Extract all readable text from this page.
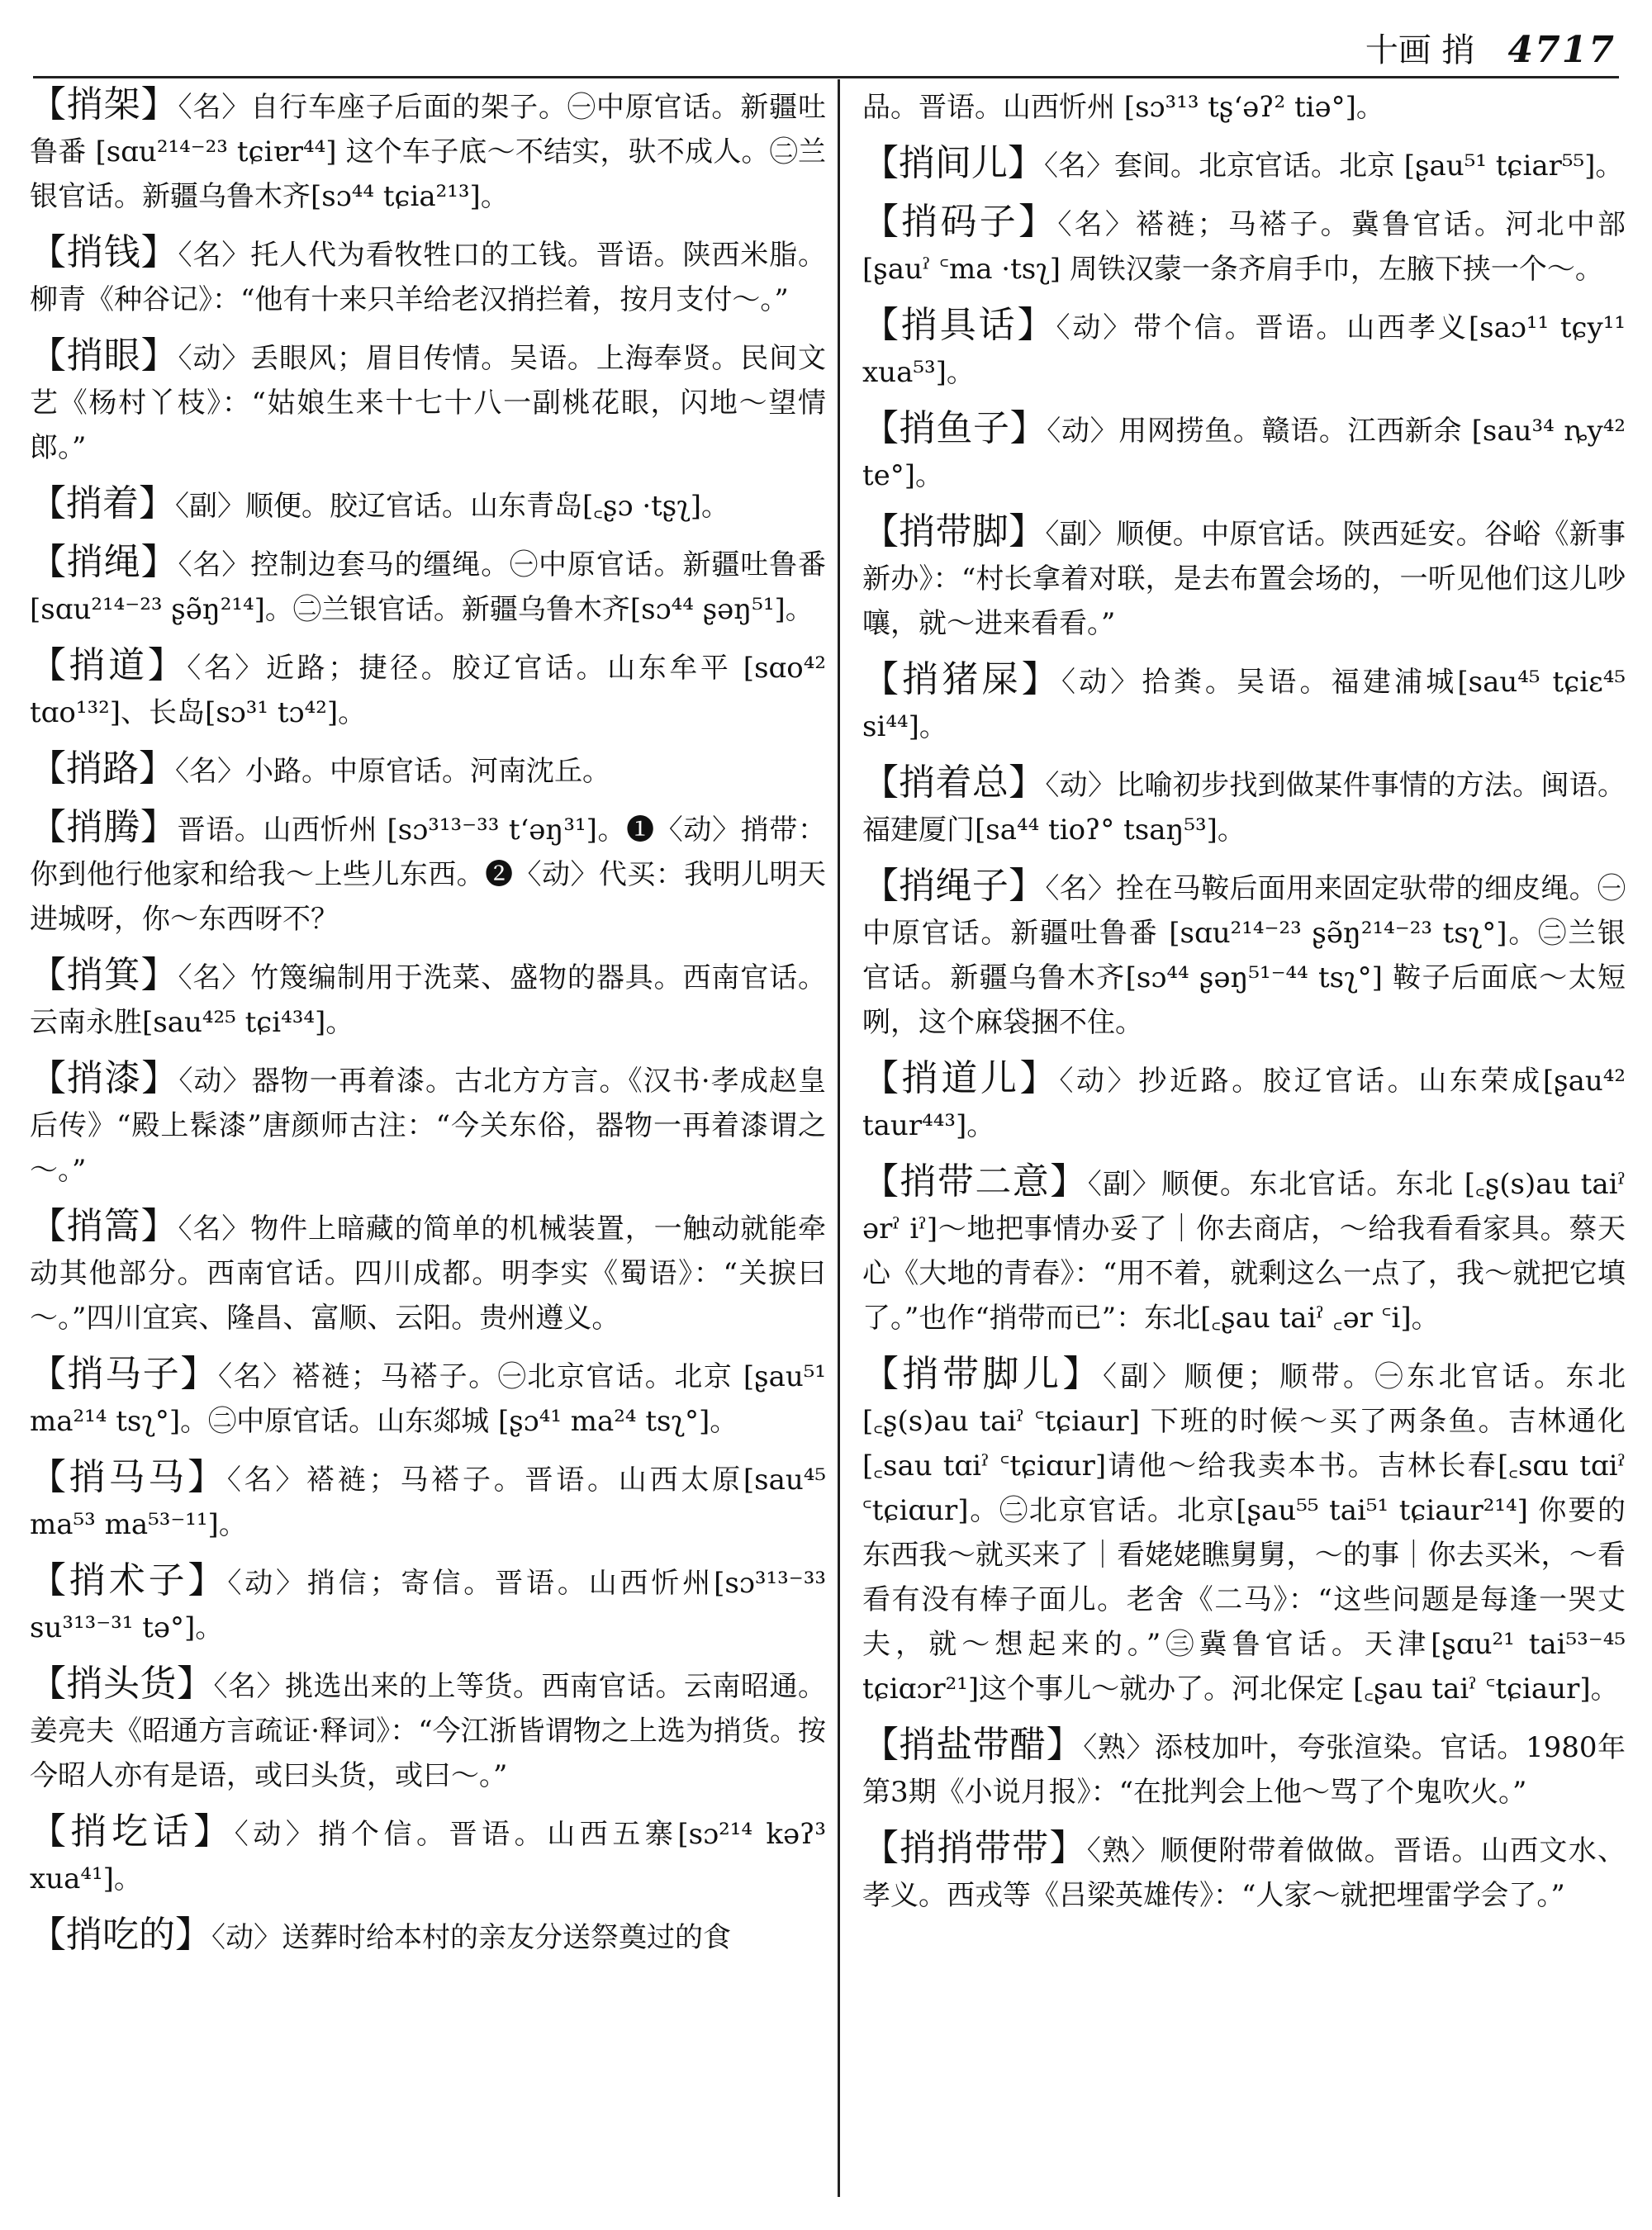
十画 捎 4717

【捎架】〈名〉自行车座子后面的架子。㊀中原官话。新疆吐鲁番 [sɑu²¹⁴⁻²³ tɕiɐr⁴⁴] 这个车子底～不结实，驮不成人。㊁兰银官话。新疆乌鲁木齐[sɔ⁴⁴ tɕia²¹³]。

【捎钱】〈名〉托人代为看牧牲口的工钱。晋语。陕西米脂。柳青《种谷记》：“他有十来只羊给老汉捎拦着，按月支付～。”

【捎眼】〈动〉丢眼风；眉目传情。吴语。上海奉贤。民间文艺《杨村丫枝》：“姑娘生来十七十八一副桃花眼，闪地～望情郎。”

【捎着】〈副〉顺便。胶辽官话。山东青岛[꜀ʂɔ ·tʂʅ]。

【捎绳】〈名〉控制边套马的缰绳。㊀中原官话。新疆吐鲁番 [sɑu²¹⁴⁻²³ ʂə̃ŋ²¹⁴]。㊁兰银官话。新疆乌鲁木齐[sɔ⁴⁴ ʂəŋ⁵¹]。

【捎道】〈名〉近路；捷径。胶辽官话。山东牟平 [sɑo⁴² tɑo¹³²]、长岛[sɔ³¹ tɔ⁴²]。

【捎路】〈名〉小路。中原官话。河南沈丘。

【捎腾】晋语。山西忻州 [sɔ³¹³⁻³³ tʻəŋ³¹]。❶〈动〉捎带：你到他行他家和给我～上些儿东西。❷〈动〉代买：我明儿明天进城呀，你～东西呀不？

【捎箕】〈名〉竹篾编制用于洗菜、盛物的器具。西南官话。云南永胜[sau⁴²⁵ tɕi⁴³⁴]。

【捎漆】〈动〉器物一再着漆。古北方方言。《汉书·孝成赵皇后传》“殿上髹漆”唐颜师古注：“今关东俗，器物一再着漆谓之～。”

【捎篙】〈名〉物件上暗藏的简单的机械装置，一触动就能牵动其他部分。西南官话。四川成都。明李实《蜀语》：“关捩曰～。”四川宜宾、隆昌、富顺、云阳。贵州遵义。

【捎马子】〈名〉褡裢；马褡子。㊀北京官话。北京 [ʂau⁵¹ ma²¹⁴ tsʅ°]。㊁中原官话。山东郯城 [ʂɔ⁴¹ ma²⁴ tsʅ°]。

【捎马马】〈名〉褡裢；马褡子。晋语。山西太原[sau⁴⁵ ma⁵³ ma⁵³⁻¹¹]。

【捎术子】〈动〉捎信；寄信。晋语。山西忻州[sɔ³¹³⁻³³ su³¹³⁻³¹ tə°]。

【捎头货】〈名〉挑选出来的上等货。西南官话。云南昭通。姜亮夫《昭通方言疏证·释词》：“今江浙皆谓物之上选为捎货。按今昭人亦有是语，或曰头货，或曰～。”

【捎圪话】〈动〉捎个信。晋语。山西五寨[sɔ²¹⁴ kəʔ³ xua⁴¹]。

【捎吃的】〈动〉送葬时给本村的亲友分送祭奠过的食

品。晋语。山西忻州 [sɔ³¹³ tʂʻəʔ² tiə°]。

【捎间儿】〈名〉套间。北京官话。北京 [ʂau⁵¹ tɕiar⁵⁵]。

【捎码子】〈名〉褡裢；马褡子。冀鲁官话。河北中部 [ʂauˀ ꜂ma ·tsʅ] 周铁汉蒙一条齐肩手巾，左腋下挟一个～。

【捎具话】〈动〉带个信。晋语。山西孝义[saɔ¹¹ tɕy¹¹ xua⁵³]。

【捎鱼子】〈动〉用网捞鱼。赣语。江西新余 [sau³⁴ ȵy⁴² te°]。

【捎带脚】〈副〉顺便。中原官话。陕西延安。谷峪《新事新办》：“村长拿着对联，是去布置会场的，一听见他们这儿吵嚷，就～进来看看。”

【捎猪屎】〈动〉拾粪。吴语。福建浦城[sau⁴⁵ tɕiɛ⁴⁵ si⁴⁴]。

【捎着总】〈动〉比喻初步找到做某件事情的方法。闽语。福建厦门[sa⁴⁴ tioʔ° tsaŋ⁵³]。

【捎绳子】〈名〉拴在马鞍后面用来固定驮带的细皮绳。㊀中原官话。新疆吐鲁番 [sɑu²¹⁴⁻²³ ʂə̃ŋ²¹⁴⁻²³ tsʅ°]。㊁兰银官话。新疆乌鲁木齐[sɔ⁴⁴ ʂəŋ⁵¹⁻⁴⁴ tsʅ°] 鞍子后面底～太短咧，这个麻袋捆不住。

【捎道儿】〈动〉抄近路。胶辽官话。山东荣成[ʂau⁴² taur⁴⁴³]。

【捎带二意】〈副〉顺便。东北官话。东北 [꜀ʂ(s)au taiˀ ərˀ iˀ]～地把事情办妥了｜你去商店，～给我看看家具。蔡天心《大地的青春》：“用不着，就剩这么一点了，我～就把它填了。”也作“捎带而已”：东北[꜀ʂau taiˀ ꜀ər ꜂i]。

【捎带脚儿】〈副〉顺便；顺带。㊀东北官话。东北 [꜀ʂ(s)au taiˀ ꜂tɕiaur] 下班的时候～买了两条鱼。吉林通化[꜀sau tɑiˀ ꜂tɕiɑur]请他～给我卖本书。吉林长春[꜀sɑu tɑiˀ ꜂tɕiɑur]。㊁北京官话。北京[ʂau⁵⁵ tai⁵¹ tɕiaur²¹⁴] 你要的东西我～就买来了｜看姥姥瞧舅舅，～的事｜你去买米，～看看有没有棒子面儿。老舍《二马》：“这些问题是每逢一哭丈夫，就～想起来的。”㊂冀鲁官话。天津[ʂɑu²¹ tai⁵³⁻⁴⁵ tɕiɑɔr²¹]这个事儿～就办了。河北保定 [꜀ʂau taiˀ ꜂tɕiaur]。

【捎盐带醋】〈熟〉添枝加叶，夸张渲染。官话。1980年第3期《小说月报》：“在批判会上他～骂了个鬼吹火。”

【捎捎带带】〈熟〉顺便附带着做做。晋语。山西文水、孝义。西戎等《吕梁英雄传》：“人家～就把埋雷学会了。”
